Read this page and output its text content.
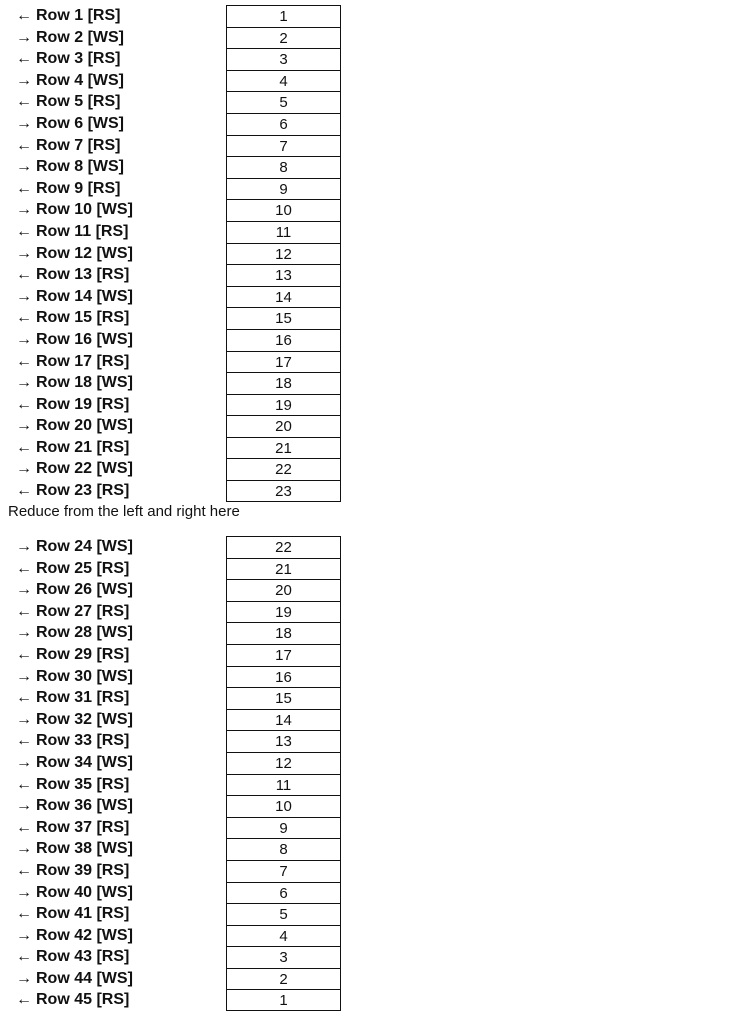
← Row 1 [RS]	1
→ Row 2 [WS]	2
← Row 3 [RS]	3
→ Row 4 [WS]	4
← Row 5 [RS]	5
→ Row 6 [WS]	6
← Row 7 [RS]	7
→ Row 8 [WS]	8
← Row 9 [RS]	9
→ Row 10 [WS]	10
← Row 11 [RS]	11
→ Row 12 [WS]	12
← Row 13 [RS]	13
→ Row 14 [WS]	14
← Row 15 [RS]	15
→ Row 16 [WS]	16
← Row 17 [RS]	17
→ Row 18 [WS]	18
← Row 19 [RS]	19
→ Row 20 [WS]	20
← Row 21 [RS]	21
→ Row 22 [WS]	22
← Row 23 [RS]	23
Reduce from the left and right here
→ Row 24 [WS]	22
← Row 25 [RS]	21
→ Row 26 [WS]	20
← Row 27 [RS]	19
→ Row 28 [WS]	18
← Row 29 [RS]	17
→ Row 30 [WS]	16
← Row 31 [RS]	15
→ Row 32 [WS]	14
← Row 33 [RS]	13
→ Row 34 [WS]	12
← Row 35 [RS]	11
→ Row 36 [WS]	10
← Row 37 [RS]	9
→ Row 38 [WS]	8
← Row 39 [RS]	7
→ Row 40 [WS]	6
← Row 41 [RS]	5
→ Row 42 [WS]	4
← Row 43 [RS]	3
→ Row 44 [WS]	2
← Row 45 [RS]	1
